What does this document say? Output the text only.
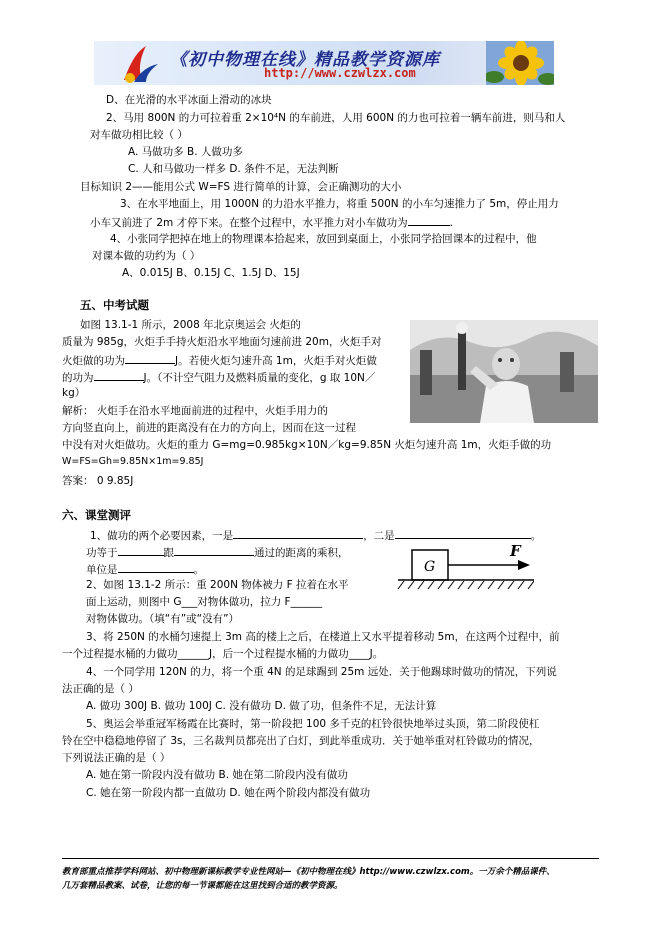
《初中物理在线》精品教学资源库
http://www.czwlzx.com
D、在光滑的水平冰面上滑动的冰块
2、马用 800N 的力可拉着重 2×10⁴N 的车前进，人用 600N 的力也可拉着一辆车前进，则马和人
对车做功相比较（ ）
A. 马做功多 B. 人做功多
C. 人和马做功一样多 D. 条件不足，无法判断
目标知识 2——能用公式 W=FS 进行简单的计算，会正确测功的大小
3、在水平地面上，用 1000N 的力沿水平推力，将重 500N 的小车匀速推力了 5m，停止用力
小车又前进了 2m 才停下来。在整个过程中，水平推力对小车做功为	.
4、小张同学把掉在地上的物理课本拾起来，放回到桌面上，小张同学拾回课本的过程中，他
对课本做的功约为（ ）
A、0.015J B、0.15J C、1.5J D、15J
五、中考试题
如图 13.1-1 所示，2008 年北京奥运会 火炬的
质量为 985g，火炬手手持火炬沿水平地面匀速前进 20m，火炬手对
火炬做的功为	J。若使火炬匀速升高 1m，火炬手对火炬做
的功为	J。（不计空气阻力及燃料质量的变化，g 取 10N／
kg）
解析： 火炬手在沿水平地面前进的过程中，火炬手用力的
方向竖直向上，前进的距离没有在力的方向上，因而在这一过程
中没有对火炬做功。火炬的重力 G=mg=0.985kg×10N／kg=9.85N 火炬匀速升高 1m，火炬手做的功
W=FS=Gh=9.85N×1m=9.85J
答案： 0 9.85J
六、课堂测评
1、做功的两个必要因素，一是	，二是	。
功等于	跟	通过的距离的乘积，
单位是	。	G
F
2、如图 13.1-2 所示：重 200N 物体被力 F 拉着在水平
面上运动，则图中 G___对物体做功，拉力 F______
对物体做功。（填“有”或“没有”）
3、将 250N 的水桶匀速提上 3m 高的楼上之后，在楼道上又水平提着移动 5m，在这两个过程中，前
一个过程提水桶的力做功______J，后一个过程提水桶的力做功____J。
4、一个同学用 120N 的力，将一个重 4N 的足球踢到 25m 远处．关于他踢球时做功的情况，下列说
法正确的是（ ）
A. 做功 300J B. 做功 100J C. 没有做功 D. 做了功，但条件不足，无法计算
5、奥运会举重冠军杨霞在比赛时，第一阶段把 100 多千克的杠铃很快地举过头顶，第二阶段使杠
铃在空中稳稳地停留了 3s，三名裁判员都亮出了白灯，到此举重成功．关于她举重对杠铃做功的情况，
下列说法正确的是（ ）
A. 她在第一阶段内没有做功 B. 她在第二阶段内没有做功
C. 她在第一阶段内都一直做功 D. 她在两个阶段内都没有做功
教育部重点推荐学科网站、初中物理新课标教学专业性网站—《初中物理在线》http://www.czwlzx.com。一万余个精品课件、
几万套精品教案、试卷，让您的每一节课都能在这里找到合适的教学资源。
